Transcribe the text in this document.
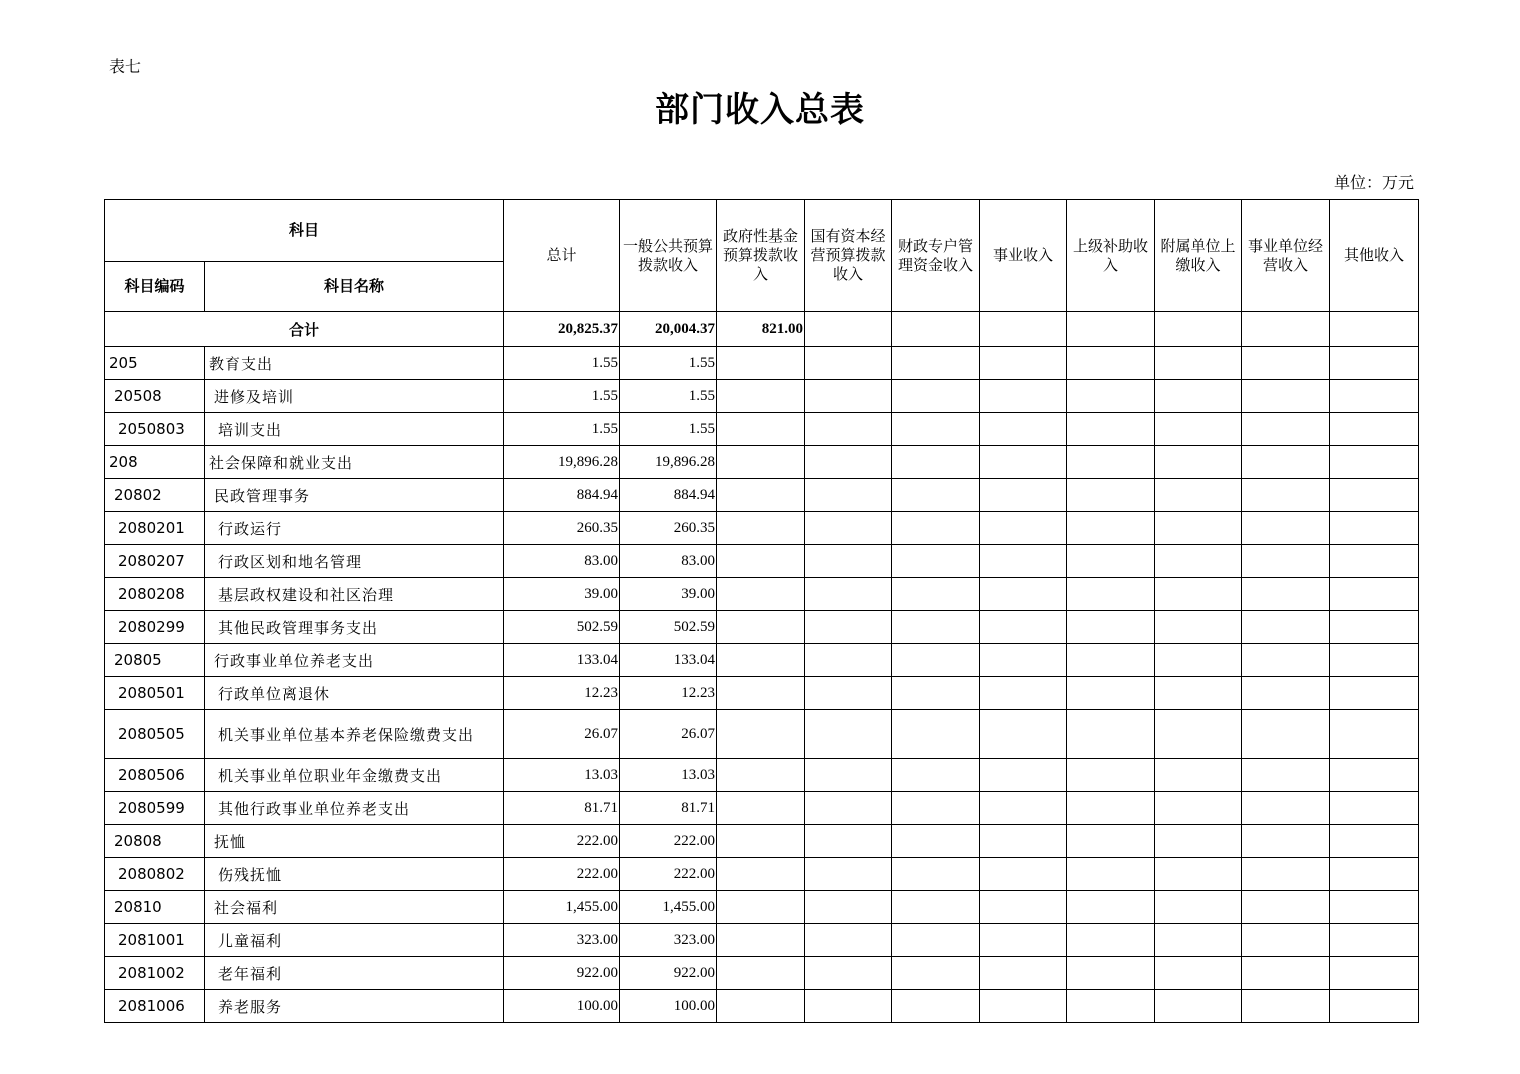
表七
部门收入总表
单位：万元
科目		总计	一般公共预算拨款收入	政府性基金预算拨款收入	国有资本经营预算拨款收入	财政专户管理资金收入	事业收入	上级补助收入	附属单位上缴收入	事业单位经营收入	其他收入
科目编码	科目名称										
合计		20,825.37	20,004.37	821.00							
205	教育支出	1.55	1.55								
20508	进修及培训	1.55	1.55								
2050803	培训支出	1.55	1.55								
208	社会保障和就业支出	19,896.28	19,896.28								
20802	民政管理事务	884.94	884.94								
2080201	行政运行	260.35	260.35								
2080207	行政区划和地名管理	83.00	83.00								
2080208	基层政权建设和社区治理	39.00	39.00								
2080299	其他民政管理事务支出	502.59	502.59								
20805	行政事业单位养老支出	133.04	133.04								
2080501	行政单位离退休	12.23	12.23								
2080505	机关事业单位基本养老保险缴费支出	26.07	26.07								
2080506	机关事业单位职业年金缴费支出	13.03	13.03								
2080599	其他行政事业单位养老支出	81.71	81.71								
20808	抚恤	222.00	222.00								
2080802	伤残抚恤	222.00	222.00								
20810	社会福利	1,455.00	1,455.00								
2081001	儿童福利	323.00	323.00								
2081002	老年福利	922.00	922.00								
2081006	养老服务	100.00	100.00								
